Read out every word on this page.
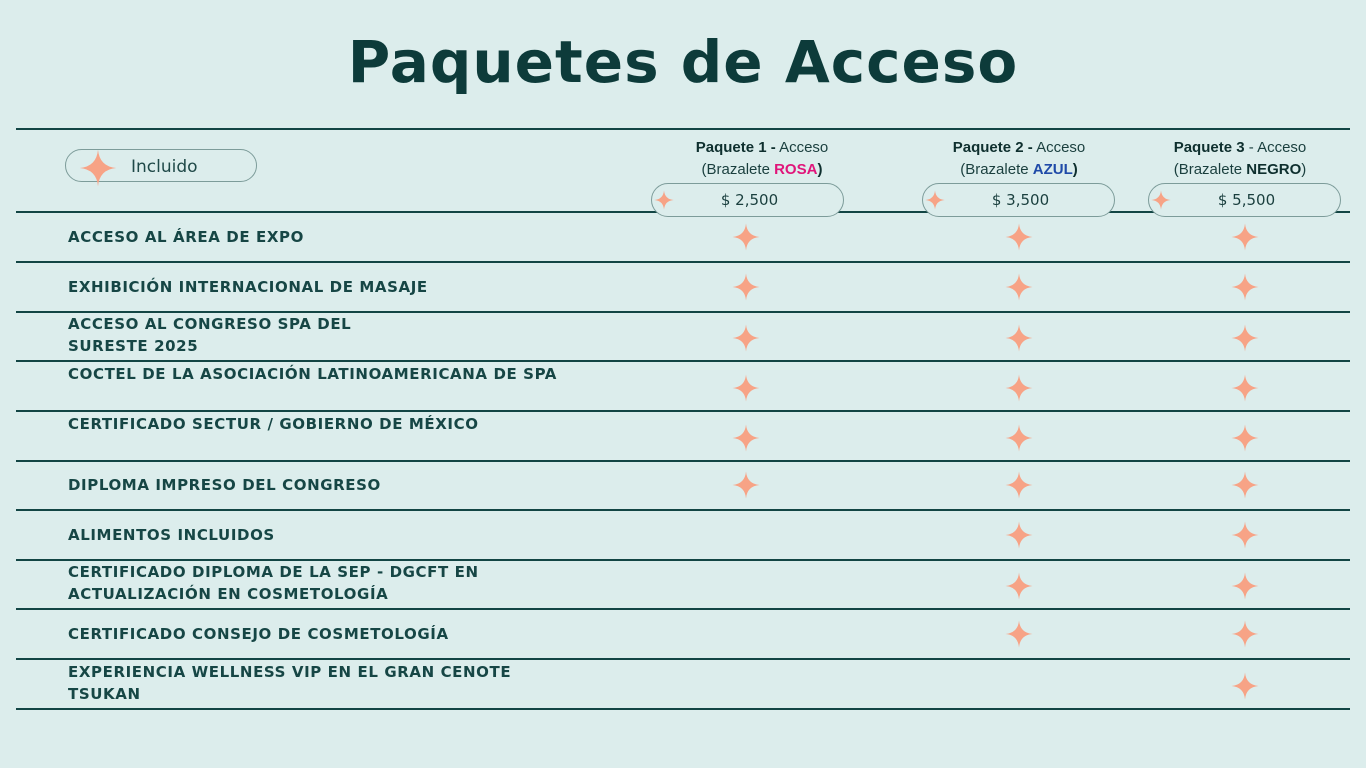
Paquetes de Acceso
Incluido
Paquete 1 - Acceso
(Brazalete ROSA)
Paquete 2 - Acceso
(Brazalete AZUL)
Paquete 3 - Acceso
(Brazalete NEGRO)
$ 2,500	$ 3,500	$ 5,500
ACCESO AL ÁREA DE EXPO
EXHIBICIÓN INTERNACIONAL DE MASAJE
ACCESO AL CONGRESO SPA DEL SURESTE 2025
COCTEL DE LA ASOCIACIÓN LATINOAMERICANA DE SPA
CERTIFICADO SECTUR / GOBIERNO DE MÉXICO
DIPLOMA IMPRESO DEL CONGRESO
ALIMENTOS INCLUIDOS
CERTIFICADO DIPLOMA DE LA SEP - DGCFT EN ACTUALIZACIÓN EN COSMETOLOGÍA
CERTIFICADO CONSEJO DE COSMETOLOGÍA
EXPERIENCIA WELLNESS VIP EN EL GRAN CENOTE TSUKAN
